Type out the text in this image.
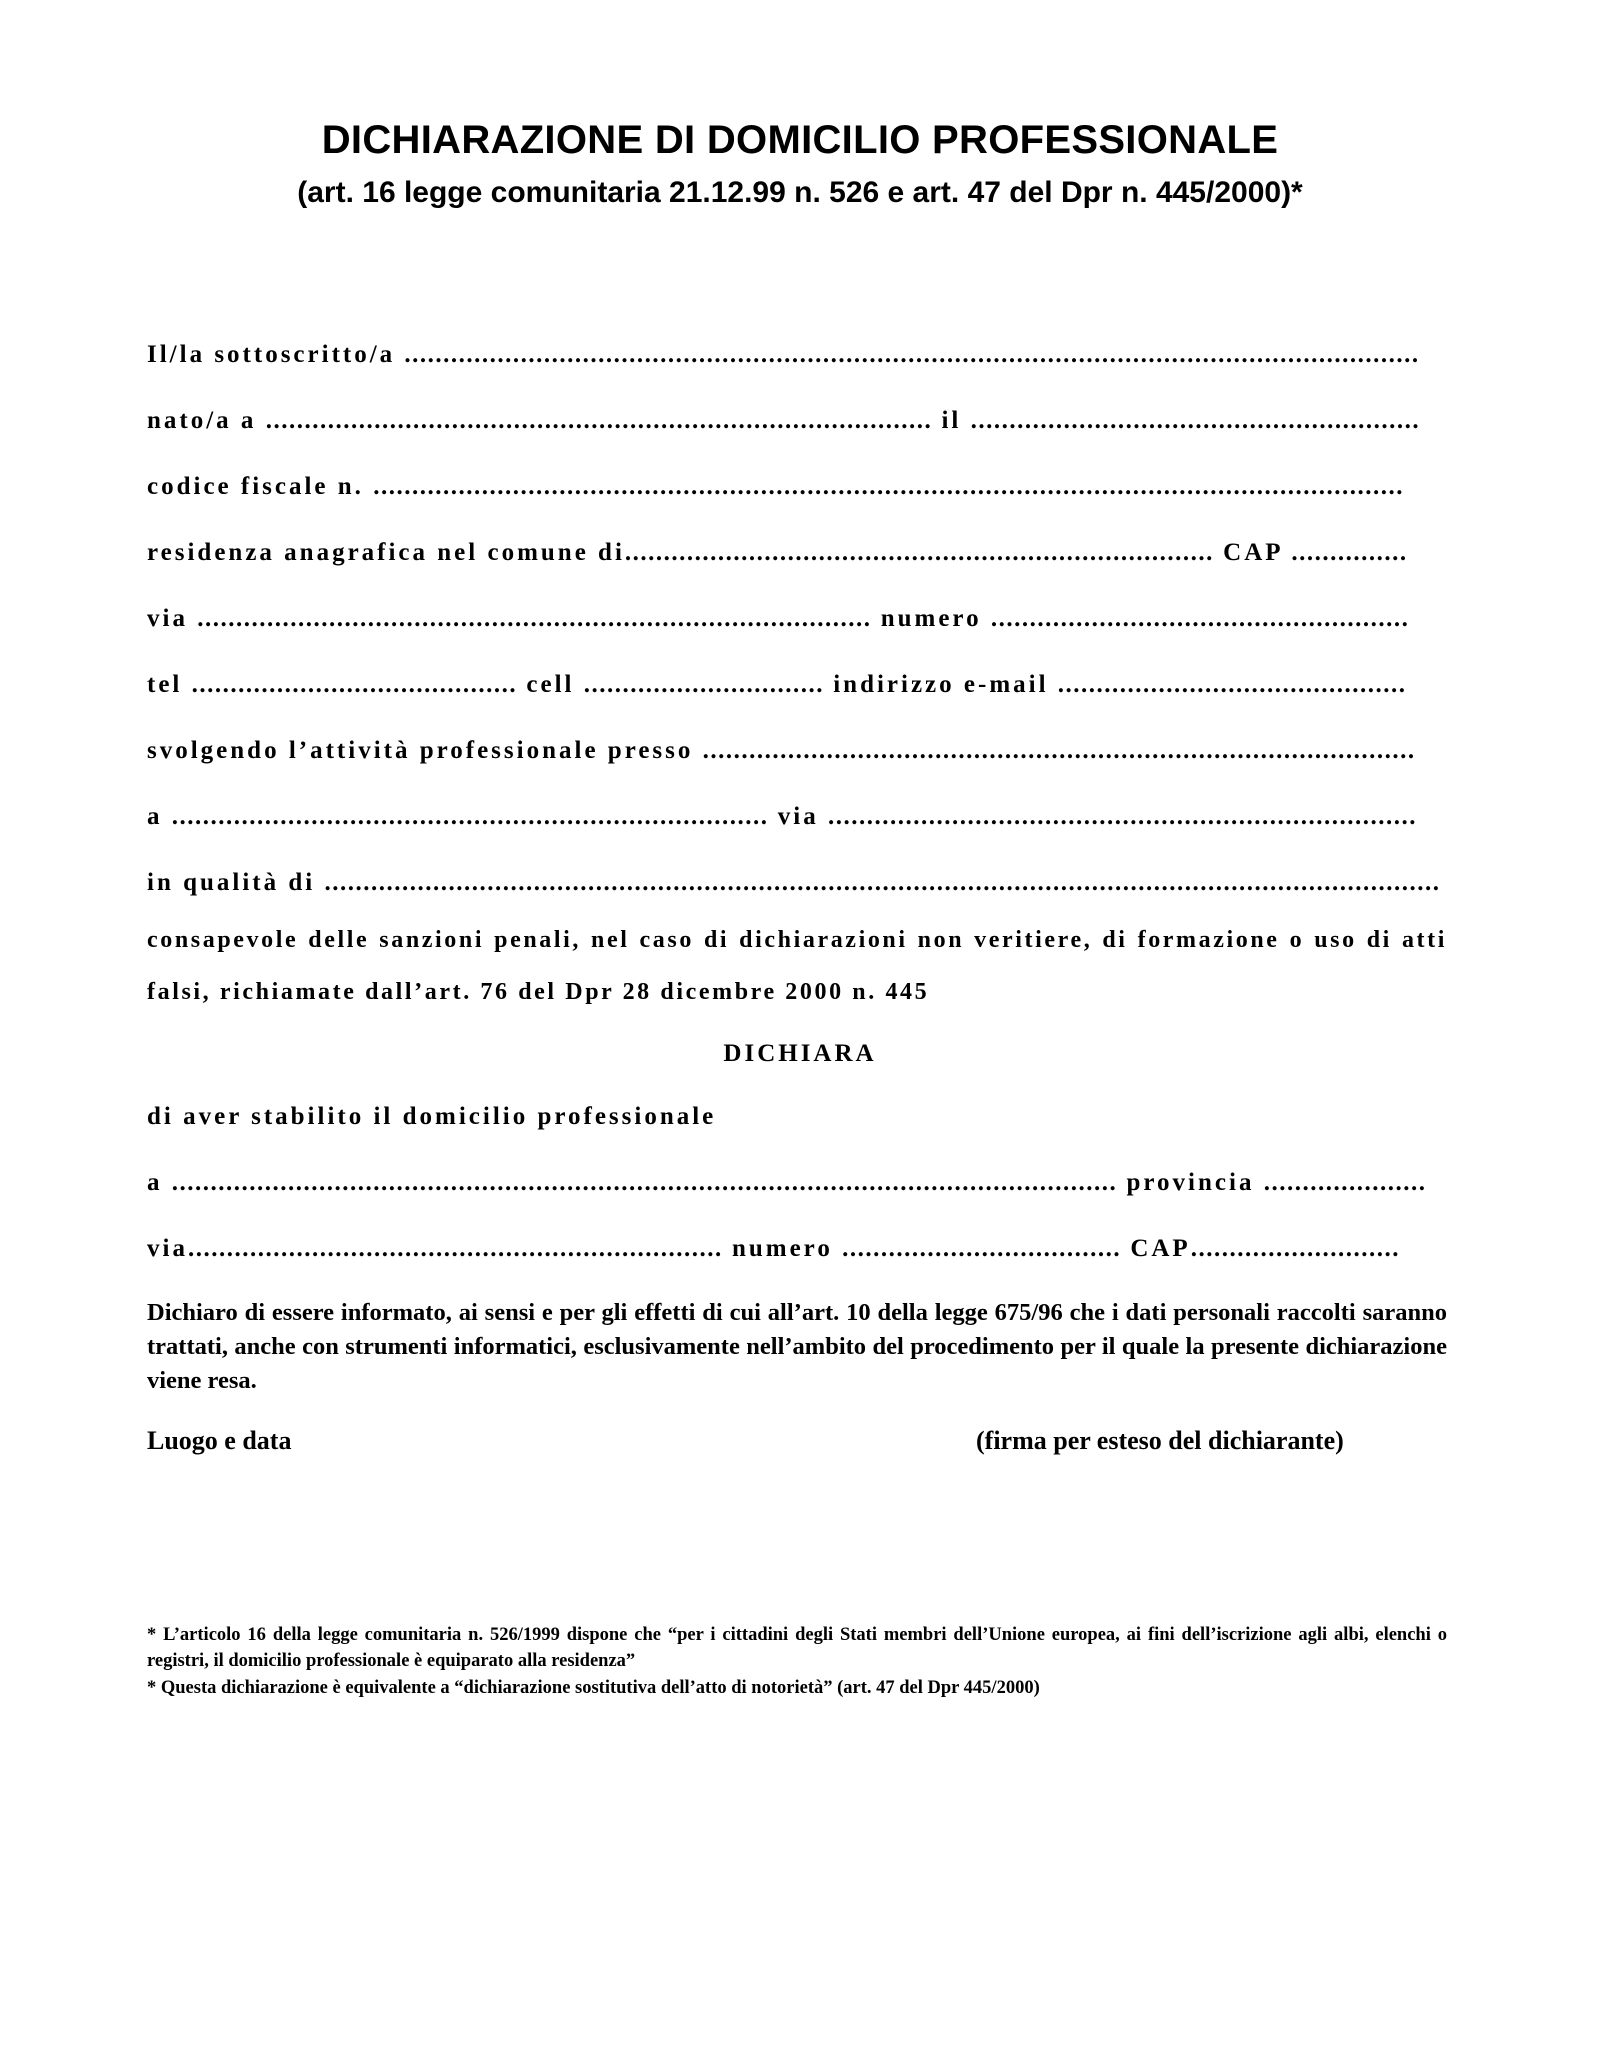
DICHIARAZIONE DI DOMICILIO PROFESSIONALE
(art. 16 legge comunitaria 21.12.99 n. 526 e art. 47 del Dpr n. 445/2000)*
Il/la sottoscritto/a ...................................................................................................................................
nato/a a ...................................................................................... il ..........................................................
codice fiscale n. .....................................................................................................................................
residenza anagrafica nel comune di............................................................................ CAP ...............
via ....................................................................................... numero ......................................................
tel .......................................... cell ............................... indirizzo e-mail .............................................
svolgendo l’attività professionale presso ............................................................................................
a ............................................................................. via ............................................................................
in qualità di ................................................................................................................................................
consapevole delle sanzioni penali, nel caso di dichiarazioni non veritiere, di formazione o uso di atti falsi, richiamate dall’art. 76 del Dpr 28 dicembre 2000 n. 445
DICHIARA
di aver stabilito il domicilio professionale
a .......................................................................................................................... provincia .....................
via..................................................................... numero .................................... CAP...........................
Dichiaro di essere informato, ai sensi e per gli effetti di cui all’art. 10 della legge 675/96 che i dati personali raccolti saranno trattati, anche con strumenti informatici, esclusivamente nell’ambito del procedimento per il quale la presente dichiarazione viene resa.
Luogo e data	(firma per esteso del dichiarante)
* L’articolo 16 della legge comunitaria n. 526/1999 dispone che “per i cittadini degli Stati membri dell’Unione europea, ai fini dell’iscrizione agli albi, elenchi o registri, il domicilio professionale è equiparato alla residenza”
* Questa dichiarazione è equivalente a “dichiarazione sostitutiva dell’atto di notorietà” (art. 47 del Dpr 445/2000)
